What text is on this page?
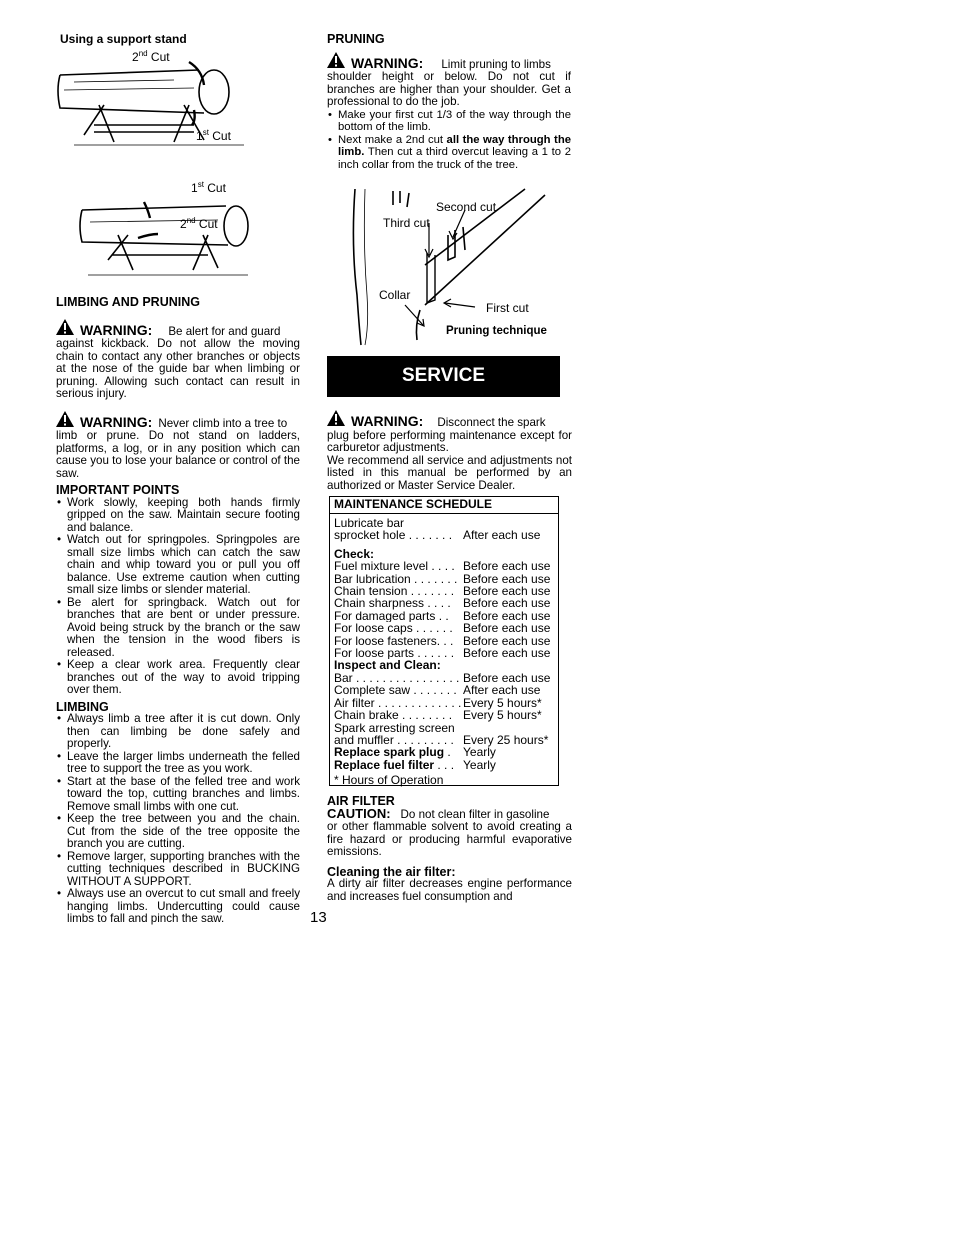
Using a support stand
2nd Cut
1st Cut
1st Cut
2nd Cut
LIMBING AND PRUNING
WARNING: Be alert for and guard

against kickback. Do not allow the moving chain to contact any other branches or objects at the nose of the guide bar when limbing or pruning. Allowing such contact can result in serious injury.

WARNING: Never climb into a tree to

limb or prune. Do not stand on ladders, platforms, a log, or in any position which can cause you to lose your balance or control of the saw.

IMPORTANT POINTS
• Work slowly, keeping both hands firmly gripped on the saw. Maintain secure footing and balance.
• Watch out for springpoles. Springpoles are small size limbs which can catch the saw chain and whip toward you or pull you off balance. Use extreme caution when cutting small size limbs or slender material.
• Be alert for springback. Watch out for branches that are bent or under pressure. Avoid being struck by the branch or the saw when the tension in the wood fibers is released.
• Keep a clear work area. Frequently clear branches out of the way to avoid tripping over them.
LIMBING
• Always limb a tree after it is cut down. Only then can limbing be done safely and properly.
• Leave the larger limbs underneath the felled tree to support the tree as you work.
• Start at the base of the felled tree and work toward the top, cutting branches and limbs. Remove small limbs with one cut.
• Keep the tree between you and the chain. Cut from the side of the tree opposite the branch you are cutting.
• Remove larger, supporting branches with the cutting techniques described in BUCKING WITHOUT A SUPPORT.
• Always use an overcut to cut small and freely hanging limbs. Undercutting could cause limbs to fall and pinch the saw.
PRUNING
WARNING: Limit pruning to limbs

shoulder height or below. Do not cut if branches are higher than your shoulder. Get a professional to do the job.

• Make your first cut 1/3 of the way through the bottom of the limb.
• Next make a 2nd cut all the way through the limb. Then cut a third overcut leaving a 1 to 2 inch collar from the truck of the tree.
Second cut
Third cut
Collar
First cut
Pruning technique
SERVICE
WARNING: Disconnect the spark

plug before performing maintenance except for carburetor adjustments.

We recommend all service and adjustments not listed in this manual be performed by an authorized or Master Service Dealer.

MAINTENANCE SCHEDULE
Lubricate bar
sprocket hole . . . . . . . After each use
Check:
Fuel mixture level . . . . Before each use
Bar lubrication . . . . . . . Before each use
Chain tension . . . . . . . Before each use
Chain sharpness . . . .	Before each use
For damaged parts . .	Before each use
For loose caps . . . . . . Before each use
For loose fasteners. . . Before each use
For loose parts . . . . . . Before each use
Inspect and Clean:
Bar . . . . . . . . . . . . . . . . Before each use
Complete saw . . . . . . . After each use
Air filter . . . . . . . . . . . . . Every 5 hours*
Chain brake . . . . . . . . Every 5 hours*
Spark arresting screen
and muffler . . . . . . . . . Every 25 hours*
Replace spark plug .	Yearly
Replace fuel filter . . . Yearly
* Hours of Operation
AIR FILTER
CAUTION: Do not clean filter in gasoline

or other flammable solvent to avoid creating a fire hazard or producing harmful evaporative emissions.

Cleaning the air filter:

A dirty air filter decreases engine performance and increases fuel consumption and

13
